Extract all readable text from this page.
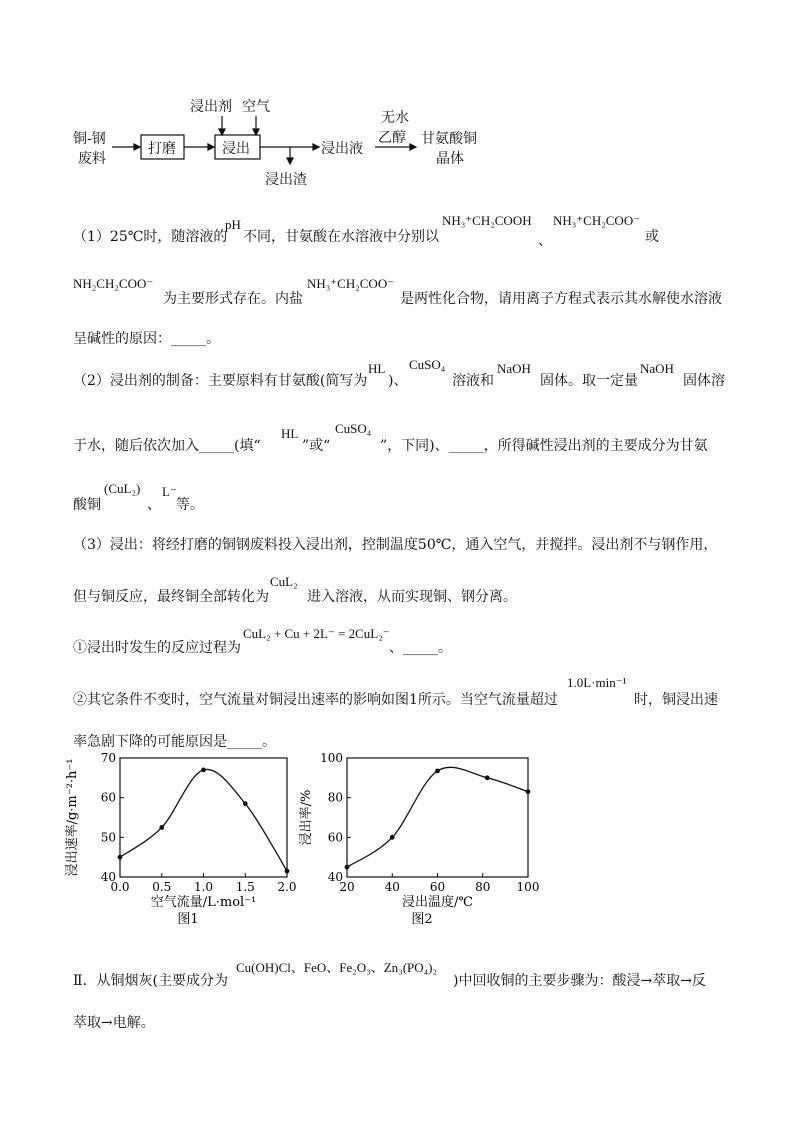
铜-钢
废料
打磨	浸出
浸出剂 空气
浸出液
浸出渣
无水
乙醇 甘氨酸铜
晶体
（1）25℃时，随溶液的
pH
不同，甘氨酸在水溶液中分别以
NH₃⁺CH₂COOH
、
NH₃⁺CH₂COO⁻
或
NH₂CH₂COO⁻
为主要形式存在。内盐
NH₃⁺CH₂COO⁻
是两性化合物，请用离子方程式表示其水解使水溶液
呈碱性的原因：_____。
（2）浸出剂的制备：主要原料有甘氨酸(简写为
HL
)、
CuSO₄
溶液和
NaOH
固体。取一定量
NaOH
固体溶
于水，随后依次加入_____(填“
HL
”或“
CuSO₄
”，下同)、_____，所得碱性浸出剂的主要成分为甘氨
酸铜
(CuL₂)
、
L⁻
等。
（3）浸出：将经打磨的铜钢废料投入浸出剂，控制温度50℃，通入空气，并搅拌。浸出剂不与钢作用，
但与铜反应，最终铜全部转化为
CuL₂
进入溶液，从而实现铜、钢分离。
①浸出时发生的反应过程为
CuL₂ + Cu + 2L⁻ = 2CuL₂⁻
、_____。
②其它条件不变时，空气流量对铜浸出速率的影响如图1所示。当空气流量超过
1.0L·min⁻¹
时，铜浸出速
率急剧下降的可能原因是_____。
0.0 0.5 1.0 1.5 2.0
40
50
60
70
空气流量/L·mol⁻¹
浸出速率/g·m⁻²·h⁻¹
图1
20 40 60 80 100
40
60
80
100
浸出温度/℃
浸出率/%
图2
Ⅱ．从铜烟灰(主要成分为
Cu(OH)Cl、FeO、Fe₂O₃、Zn₃(PO₄)₂
)中回收铜的主要步骤为：酸浸→萃取→反
萃取→电解。
